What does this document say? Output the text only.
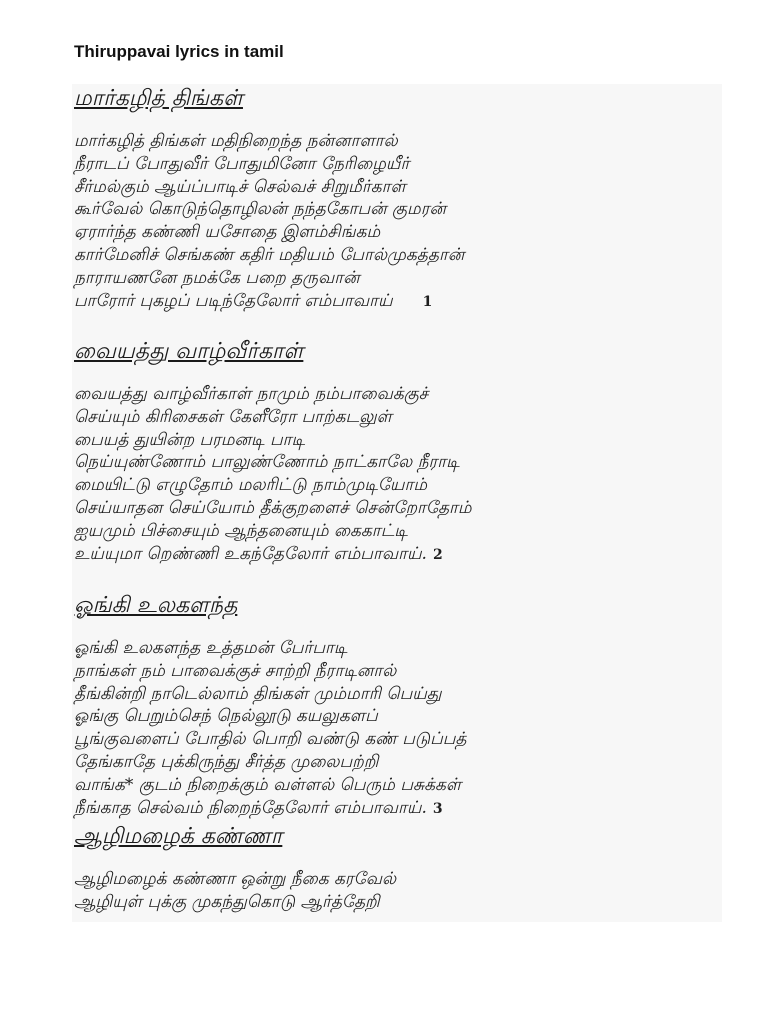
Thiruppavai lyrics in tamil
மார்கழித் திங்கள்
மார்கழித் திங்கள் மதிநிறைந்த நன்னாளால்
நீராடப் போதுவீர் போதுமினோ நேரிழையீர்
சீர்மல்கும் ஆய்ப்பாடிச் செல்வச் சிறுமீர்காள்
கூர்வேல் கொடுந்தொழிலன் நந்தகோபன் குமரன்
ஏரார்ந்த கண்ணி யசோதை இளம்சிங்கம்
கார்மேனிச் செங்கண் கதிர் மதியம் போல்முகத்தான்
நாராயணனே நமக்கே பறை தருவான்
பாரோர் புகழப் படிந்தேலோர் எம்பாவாய் 1
வையத்து வாழ்வீர்காள்
வையத்து வாழ்வீர்காள் நாமும் நம்பாவைக்குச்
செய்யும் கிரிசைகள் கேளீரோ பாற்கடலுள்
பையத் துயின்ற பரமனடி பாடி
நெய்யுண்ணோம் பாலுண்ணோம் நாட்காலே நீராடி
மையிட்டு எழுதோம் மலரிட்டு நாம்முடியோம்
செய்யாதன செய்யோம் தீக்குறளைச் சென்றோதோம்
ஐயமும் பிச்சையும் ஆந்தனையும் கைகாட்டி
உய்யுமா றெண்ணி உகந்தேலோர் எம்பாவாய். 2
ஓங்கி உலகளந்த
ஓங்கி உலகளந்த உத்தமன் பேர்பாடி
நாங்கள் நம் பாவைக்குச் சாற்றி நீராடினால்
தீங்கின்றி நாடெல்லாம் திங்கள் மும்மாரி பெய்து
ஓங்கு பெறும்செந் நெல்லூடு கயலுகளப்
பூங்குவளைப் போதில் பொறி வண்டு கண் படுப்பத்
தேங்காதே புக்கிருந்து சீர்த்த முலைபற்றி
வாங்க* குடம் நிறைக்கும் வள்ளல் பெரும் பசுக்கள்
நீங்காத செல்வம் நிறைந்தேலோர் எம்பாவாய். 3
ஆழிமழைக் கண்ணா
ஆழிமழைக் கண்ணா ஒன்று நீகை கரவேல்
ஆழியுள் புக்கு முகந்துகொடு ஆர்த்தேறி
